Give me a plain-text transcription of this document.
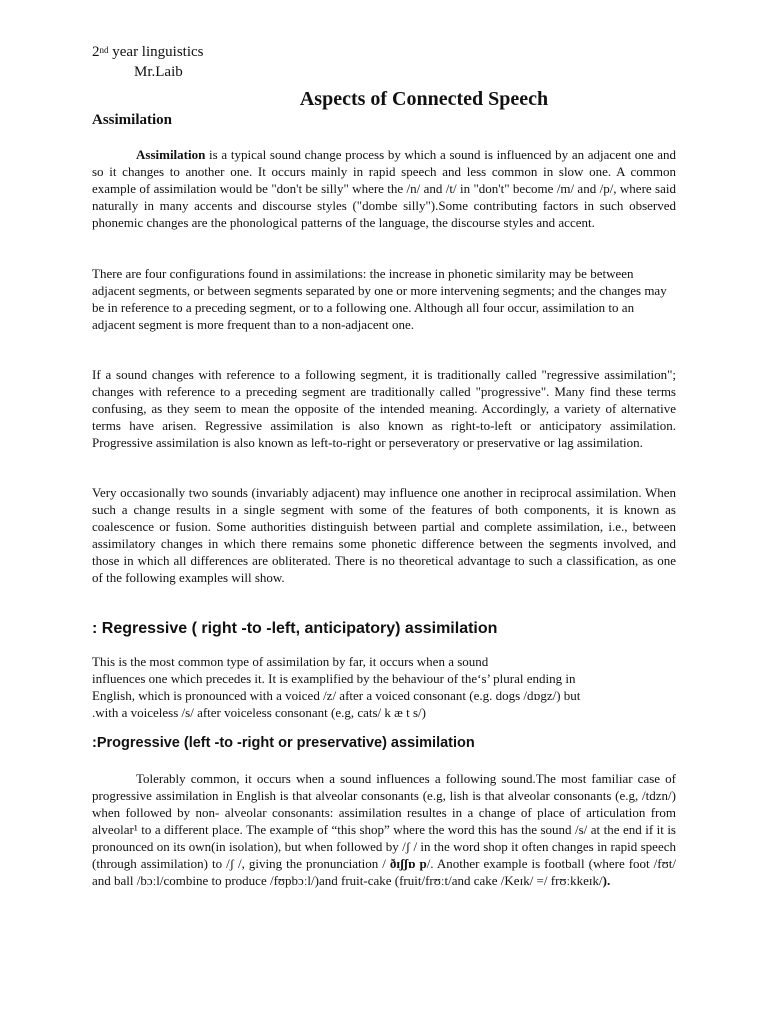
2nd year linguistics
Mr.Laib
Aspects of Connected Speech
Assimilation

Assimilation is a typical sound change process by which a sound is influenced by an adjacent one and so it changes to another one. It occurs mainly in rapid speech and less common in slow one. A common example of assimilation would be "don't be silly" where the /n/ and /t/ in "don't" become /m/ and /p/, where said naturally in many accents and discourse styles ("dombe silly").Some contributing factors in such observed phonemic changes are the phonological patterns of the language, the discourse styles and accent.

There are four configurations found in assimilations: the increase in phonetic similarity may be between adjacent segments, or between segments separated by one or more intervening segments; and the changes may be in reference to a preceding segment, or to a following one. Although all four occur, assimilation to an adjacent segment is more frequent than to a non-adjacent one.

If a sound changes with reference to a following segment, it is traditionally called "regressive assimilation"; changes with reference to a preceding segment are traditionally called "progressive". Many find these terms confusing, as they seem to mean the opposite of the intended meaning. Accordingly, a variety of alternative terms have arisen. Regressive assimilation is also known as right-to-left or anticipatory assimilation. Progressive assimilation is also known as left-to-right or perseveratory or preservative or lag assimilation.

Very occasionally two sounds (invariably adjacent) may influence one another in reciprocal assimilation. When such a change results in a single segment with some of the features of both components, it is known as coalescence or fusion. Some authorities distinguish between partial and complete assimilation, i.e., between assimilatory changes in which there remains some phonetic difference between the segments involved, and those in which all differences are obliterated. There is no theoretical advantage to such a classification, as one of the following examples will show.

: Regressive ( right -to -left, anticipatory) assimilation
This is the most common type of assimilation by far, it occurs when a sound
influences one which precedes it. It is examplified by the behaviour of the‘s’ plural ending in
English, which is pronounced with a voiced /z/ after a voiced consonant (e.g. dogs /dɒgz/) but
.with a voiceless /s/ after voiceless consonant (e.g, cats/ k æ t s/)
:Progressive (left -to -right or preservative) assimilation

Tolerably common, it occurs when a sound influences a following sound.The most familiar case of progressive assimilation in English is that alveolar consonants (e.g, lish is that alveolar consonants (e.g, /tdzn/) when followed by non- alveolar consonants: assimilation resultes in a change of place of articulation from alveolar¹ to a different place. The example of “this shop” where the word this has the sound /s/ at the end if it is pronounced on its own(in isolation), but when followed by /ʃ / in the word shop it often changes in rapid speech (through assimilation) to /ʃ /, giving the pronunciation / ðɪʃʃɒ p/. Another example is football (where foot /fʊt/ and ball /bɔːl/combine to produce /fʊpbɔːl/)and fruit-cake (fruit/frʊːt/and cake /Keɪk/ =/ frʊːkkeɪk/).
